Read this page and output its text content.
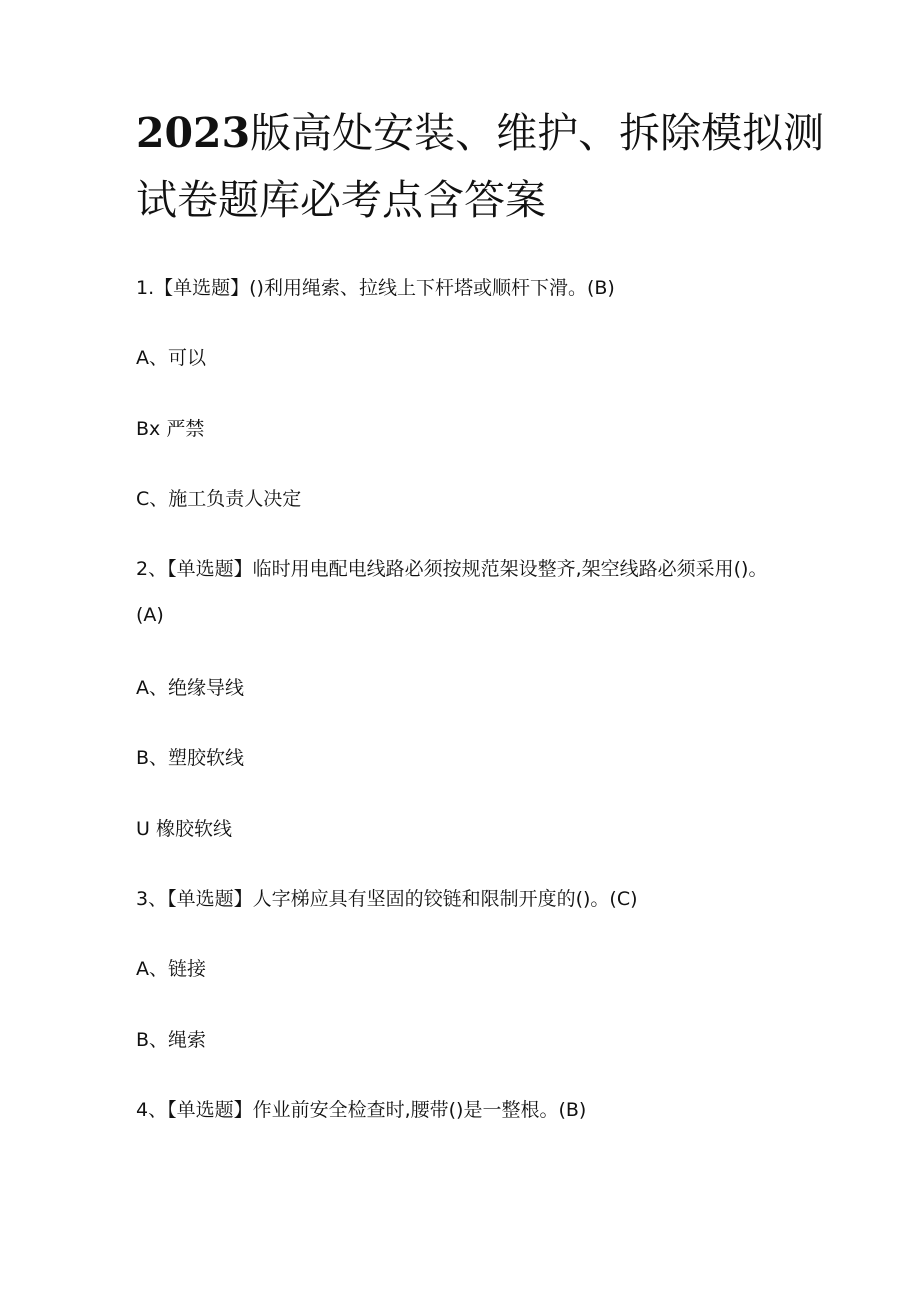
2023版高处安装、维护、拆除模拟测试卷题库必考点含答案

1.【单选题】()利用绳索、拉线上下杆塔或顺杆下滑。(B)

A、可以

Bx 严禁

C、施工负责人决定

2、【单选题】临时用电配电线路必须按规范架设整齐,架空线路必须采用()。(A)

A、绝缘导线

B、塑胶软线

U 橡胶软线

3、【单选题】人字梯应具有坚固的铰链和限制开度的()。(C)

A、链接

B、绳索

4、【单选题】作业前安全检查时,腰带()是一整根。(B)
